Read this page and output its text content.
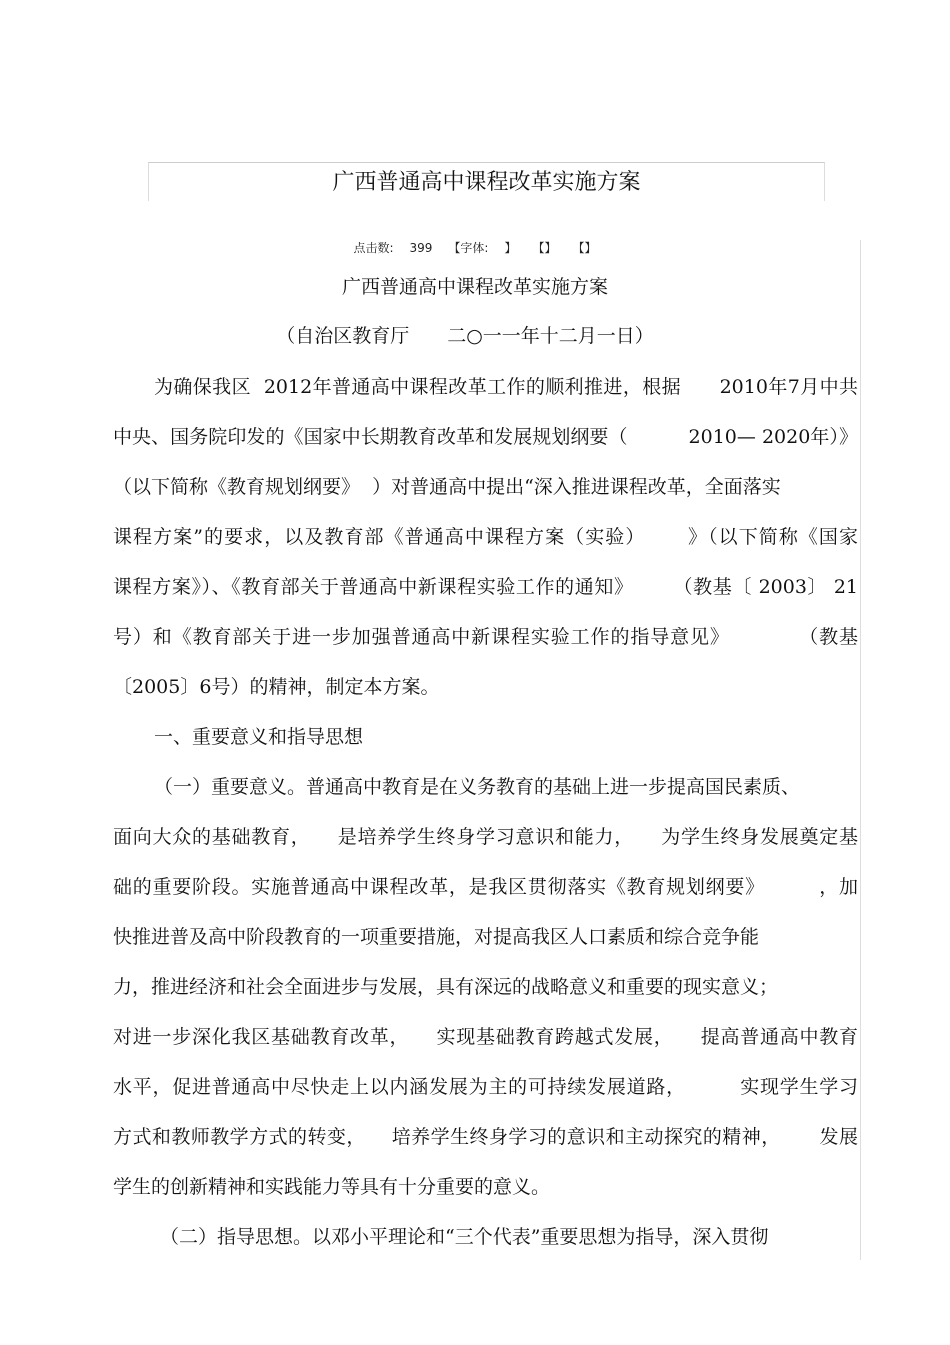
广西普通高中课程改革实施方案
点击数: 399 【字体: 】 【】 【】
广西普通高中课程改革实施方案
（自治区教育厅　　二○一一年十二月一日）
为确保我区  2012年普通高中课程改革工作的顺利推进，根据      2010年7月中共
中央、国务院印发的《国家中长期教育改革和发展规划纲要（          2010— 2020年）》
（以下简称《教育规划纲要》  ）对普通高中提出“深入推进课程改革，全面落实
课程方案”的要求，以及教育部《普通高中课程方案（实验）      》（以下简称《国家
课程方案》）、《教育部关于普通高中新课程实验工作的通知》      （教基〔 2003〕 21
号）和《教育部关于进一步加强普通高中新课程实验工作的指导意见》          （教基
〔2005〕6号）的精神，制定本方案。
一、重要意义和指导思想
（一）重要意义。普通高中教育是在义务教育的基础上进一步提高国民素质、
面向大众的基础教育，    是培养学生终身学习意识和能力，    为学生终身发展奠定基
础的重要阶段。实施普通高中课程改革，是我区贯彻落实《教育规划纲要》        ，加
快推进普及高中阶段教育的一项重要措施，对提高我区人口素质和综合竞争能
力，推进经济和社会全面进步与发展，具有深远的战略意义和重要的现实意义；
对进一步深化我区基础教育改革，    实现基础教育跨越式发展，    提高普通高中教育
水平，促进普通高中尽快走上以内涵发展为主的可持续发展道路，        实现学生学习
方式和教师教学方式的转变，    培养学生终身学习的意识和主动探究的精神，      发展
学生的创新精神和实践能力等具有十分重要的意义。
（二）指导思想。以邓小平理论和“三个代表”重要思想为指导，深入贯彻
